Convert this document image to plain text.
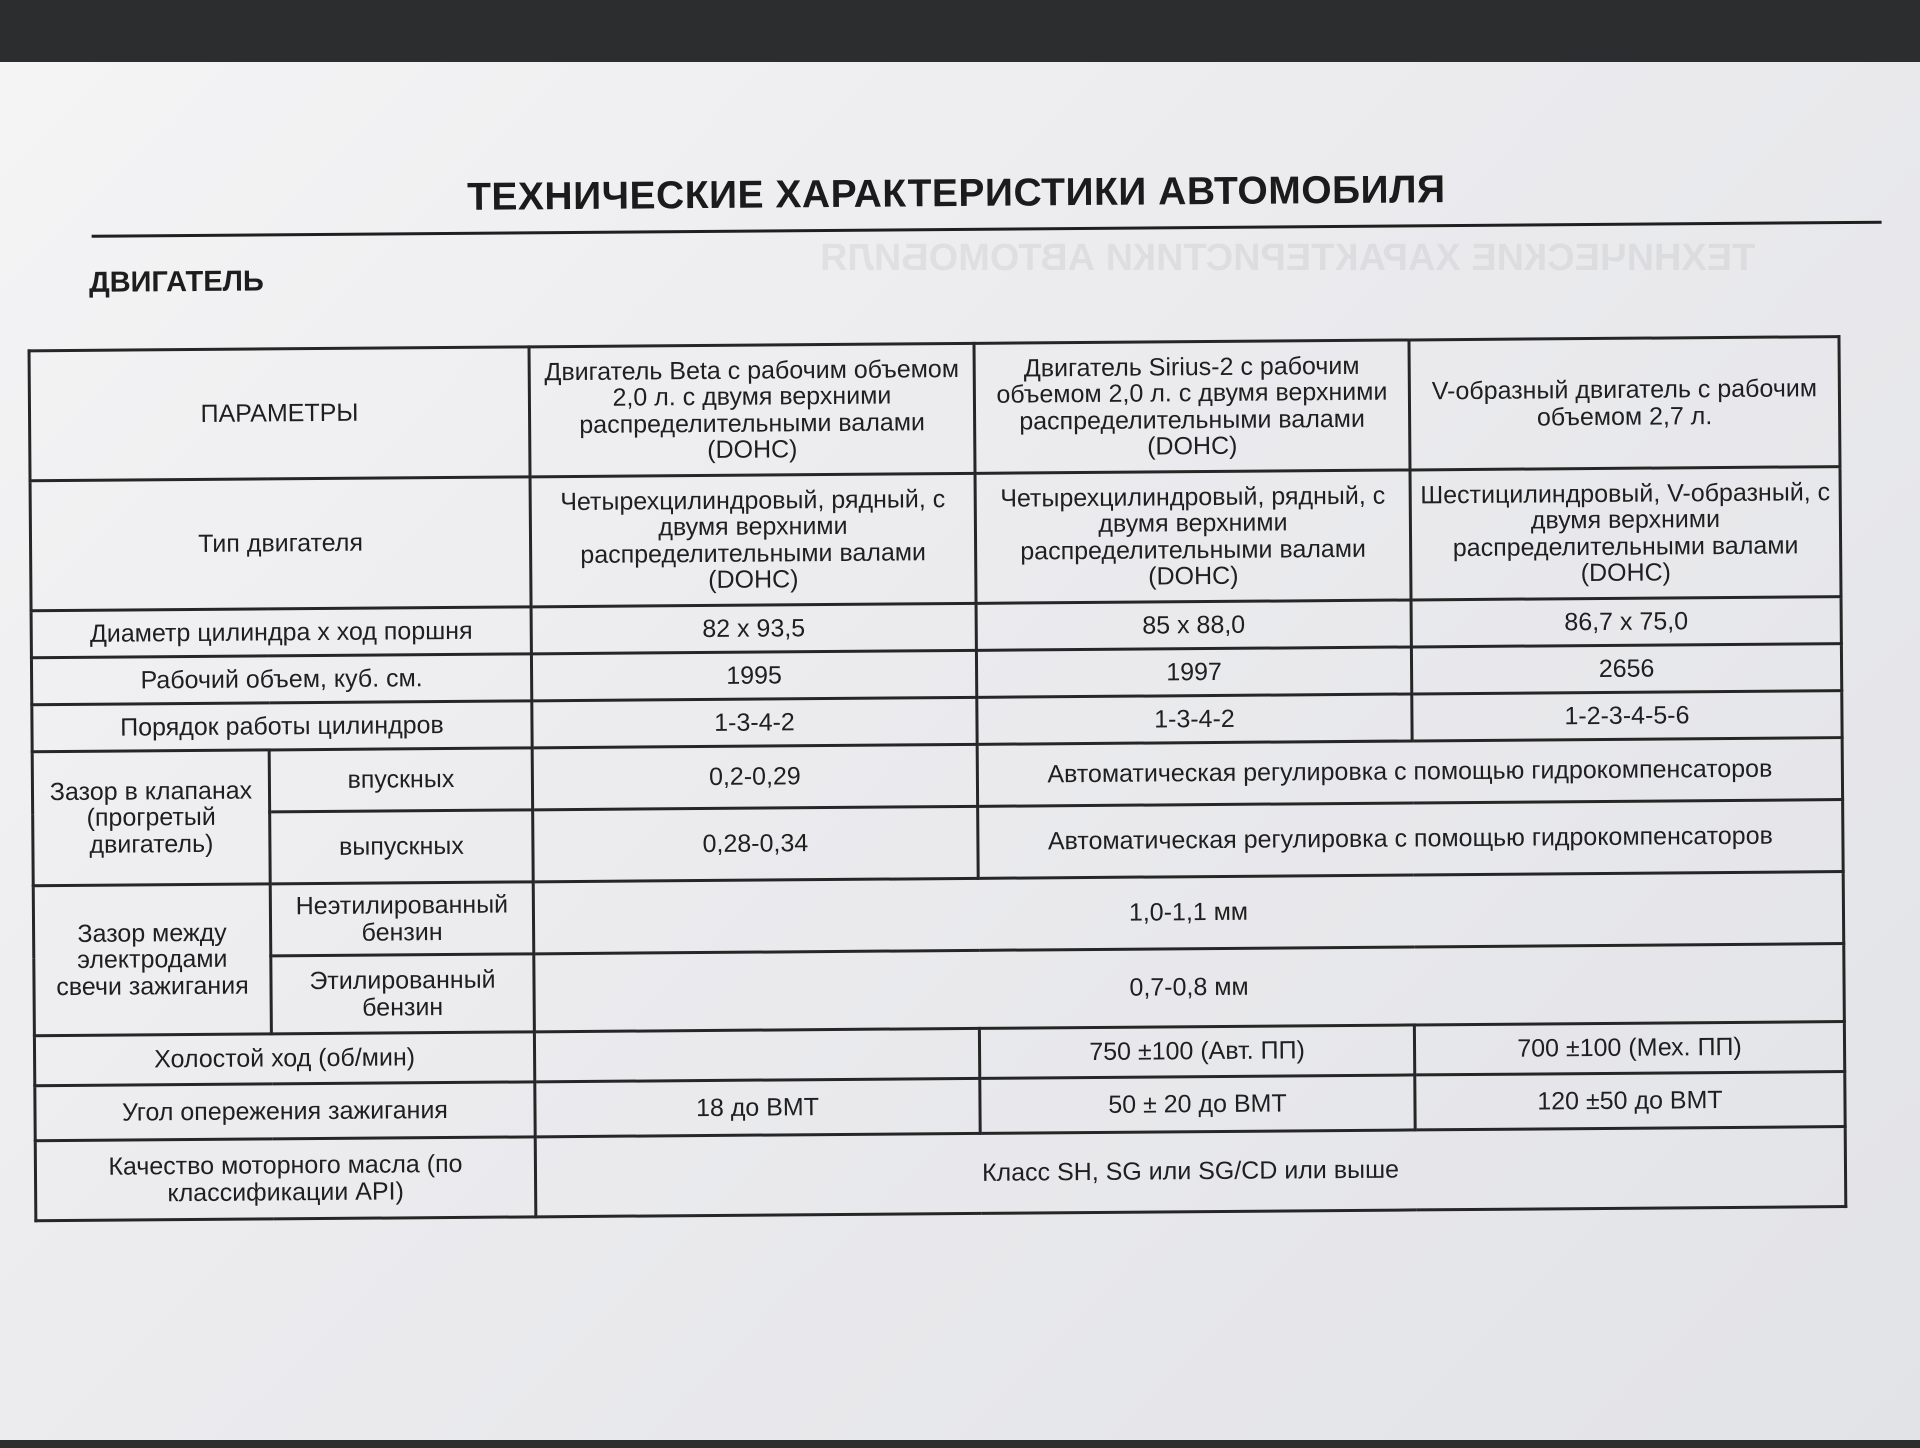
ТЕХНИЧЕСКИЕ ХАРАКТЕРИСТИКИ АВТОМОБИЛЯ
ТЕХНИЧЕСКИЕ ХАРАКТЕРИСТИКИ АВТОМОБИЛЯ
ДВИГАТЕЛЬ
ПАРАМЕТРЫ		Двигатель Beta с рабочим объемом 2,0 л. с двумя верхними распределительными валами (DOHC)	Двигатель Sirius-2 с рабочим объемом 2,0 л. с двумя верхними распределительными валами (DOHC)	V-образный двигатель с рабочим объемом 2,7 л.
Тип двигателя		Четырехцилиндровый, рядный, с двумя верхними распределительными валами (DOHC)	Четырехцилиндровый, рядный, с двумя верхними распределительными валами (DOHC)	Шестицилиндровый, V-образный, с двумя верхними распределительными валами (DOHC)
Диаметр цилиндра x ход поршня		82 x 93,5	85 x 88,0	86,7 x 75,0
Рабочий объем, куб. см.		1995	1997	2656
Порядок работы цилиндров		1-3-4-2	1-3-4-2	1-2-3-4-5-6
Зазор в клапанах (прогретый двигатель)	впускных	0,2-0,29	Автоматическая регулировка с помощью гидрокомпенсаторов	
	выпускных	0,28-0,34	Автоматическая регулировка с помощью гидрокомпенсаторов	
Зазор между электродами свечи зажигания	Неэтилированный бензин	1,0-1,1 мм		
	Этилированный бензин	0,7-0,8 мм		
Холостой ход (об/мин)			750 ±100 (Авт. ПП)	700 ±100 (Мех. ПП)
Угол опережения зажигания		18 до ВМТ	50 ± 20 до ВМТ	120 ±50 до ВМТ
Качество моторного масла (по классификации API)		Класс SH, SG или SG/CD или выше		
